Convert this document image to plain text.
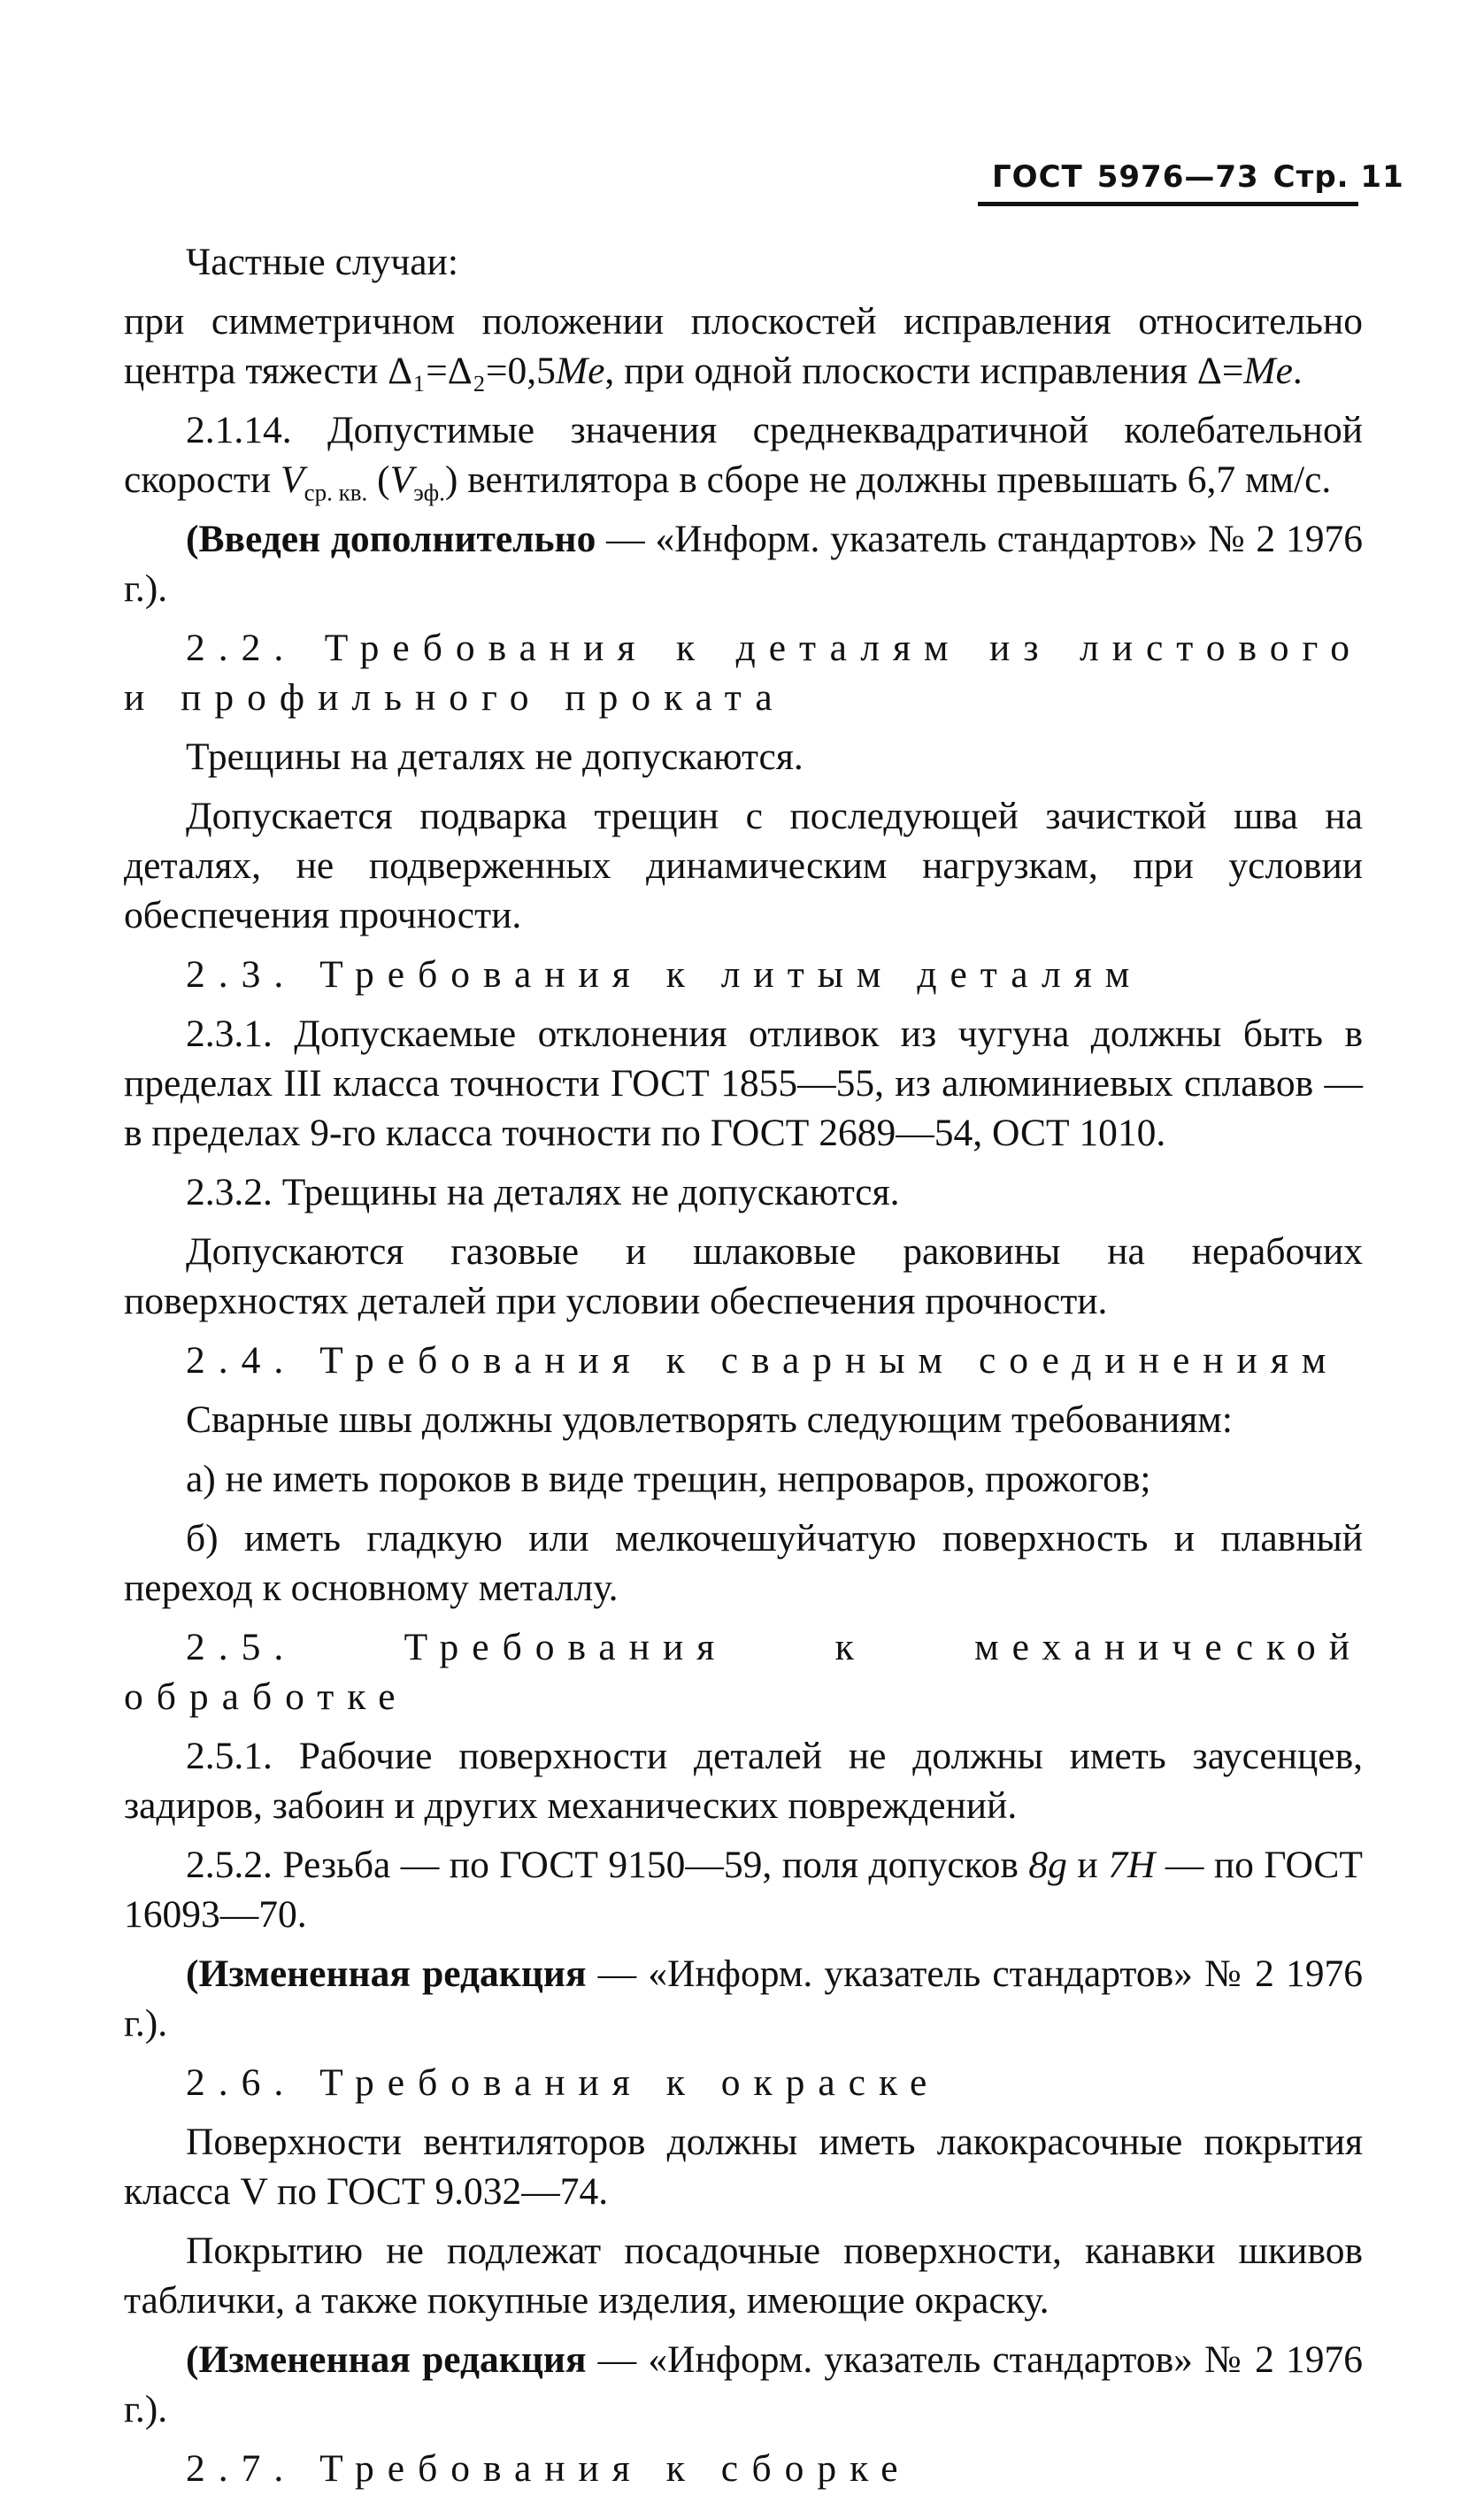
ГОСТ 5976—73 Стр. 11

Частные случаи:

при симметричном положении плоскостей исправления относительно центра тяжести Δ₁=Δ₂=0,5Me, при одной плоскости исправления Δ=Me.

2.1.14. Допустимые значения среднеквадратичной колебательной скорости $V_{ср. кв.}$ $(V_{эф.})$ вентилятора в сборе не должны превышать 6,7 мм/с.

(Введен дополнительно — «Информ. указатель стандартов» № 2 1976 г.).

2.2. Требования к деталям из листового и профильного проката

Трещины на деталях не допускаются.

Допускается подварка трещин с последующей зачисткой шва на деталях, не подверженных динамическим нагрузкам, при условии обеспечения прочности.

2.3. Требования к литым деталям

2.3.1. Допускаемые отклонения отливок из чугуна должны быть в пределах III класса точности ГОСТ 1855—55, из алюминиевых сплавов — в пределах 9-го класса точности по ГОСТ 2689—54, ОСТ 1010.

2.3.2. Трещины на деталях не допускаются.

Допускаются газовые и шлаковые раковины на нерабочих поверхностях деталей при условии обеспечения прочности.

2.4. Требования к сварным соединениям

Сварные швы должны удовлетворять следующим требованиям:

а) не иметь пороков в виде трещин, непроваров, прожогов;

б) иметь гладкую или мелкочешуйчатую поверхность и плавный переход к основному металлу.

2.5. Требования к механической обработке

2.5.1. Рабочие поверхности деталей не должны иметь заусенцев, задиров, забоин и других механических повреждений.

2.5.2. Резьба — по ГОСТ 9150—59, поля допусков 8g и 7H — по ГОСТ 16093—70.

(Измененная редакция — «Информ. указатель стандартов» № 2 1976 г.).

2.6. Требования к окраске

Поверхности вентиляторов должны иметь лакокрасочные покрытия класса V по ГОСТ 9.032—74.

Покрытию не подлежат посадочные поверхности, канавки шкивов таблички, а также покупные изделия, имеющие окраску.

(Измененная редакция — «Информ. указатель стандартов» № 2 1976 г.).

2.7. Требования к сборке
